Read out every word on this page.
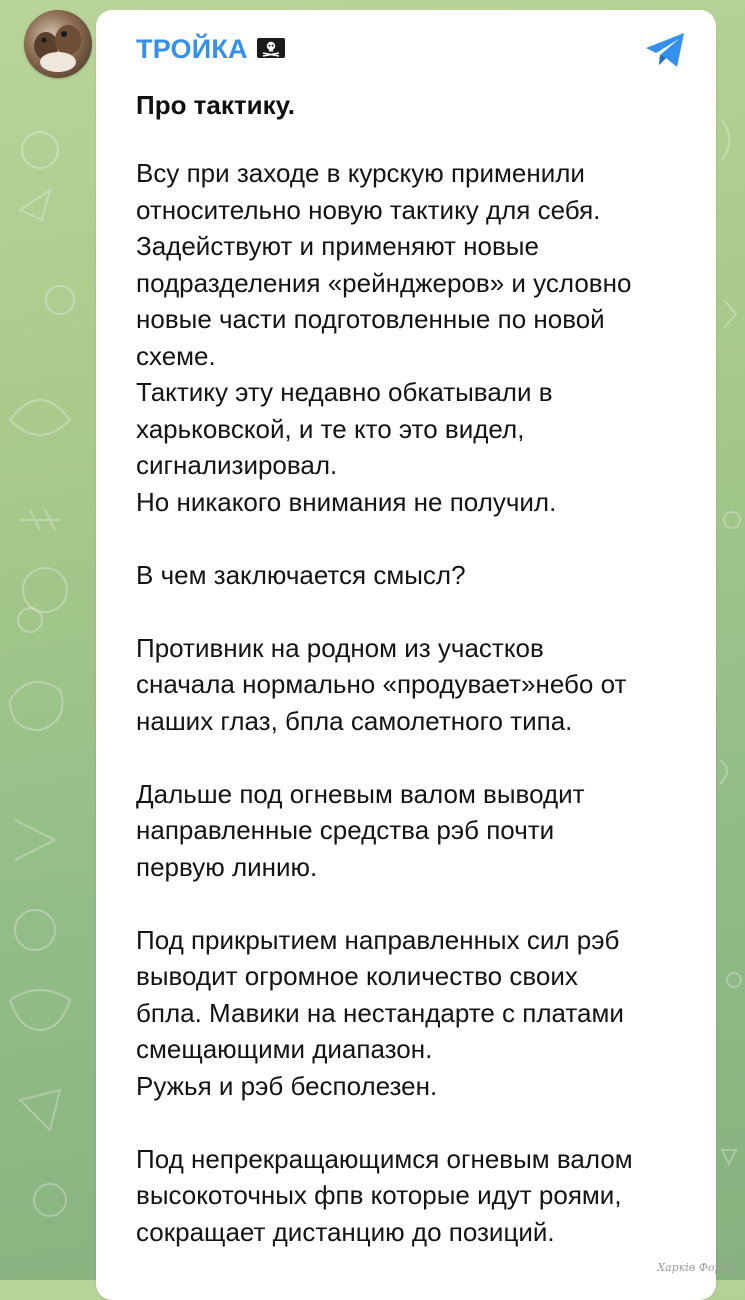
ТРОЙКА
Про тактику.
Всу при заходе в курскую применили
относительно новую тактику для себя.
Задействуют и применяют новые
подразделения «рейнджеров» и условно
новые части подготовленные по новой
схеме.
Тактику эту недавно обкатывали в
харьковской, и те кто это видел,
сигнализировал.
Но никакого внимания не получил.
В чем заключается смысл?
Противник на родном из участков
сначала нормально «продувает»небо от
наших глаз, бпла самолетного типа.
Дальше под огневым валом выводит
направленные средства рэб почти
первую линию.
Под прикрытием направленных сил рэб
выводит огромное количество своих
бпла. Мавики на нестандарте с платами
смещающими диапазон.
Ружья и рэб бесполезен.
Под непрекращающимся огневым валом
высокоточных фпв которые идут роями,
сокращает дистанцию до позиций.
Харків Форум
